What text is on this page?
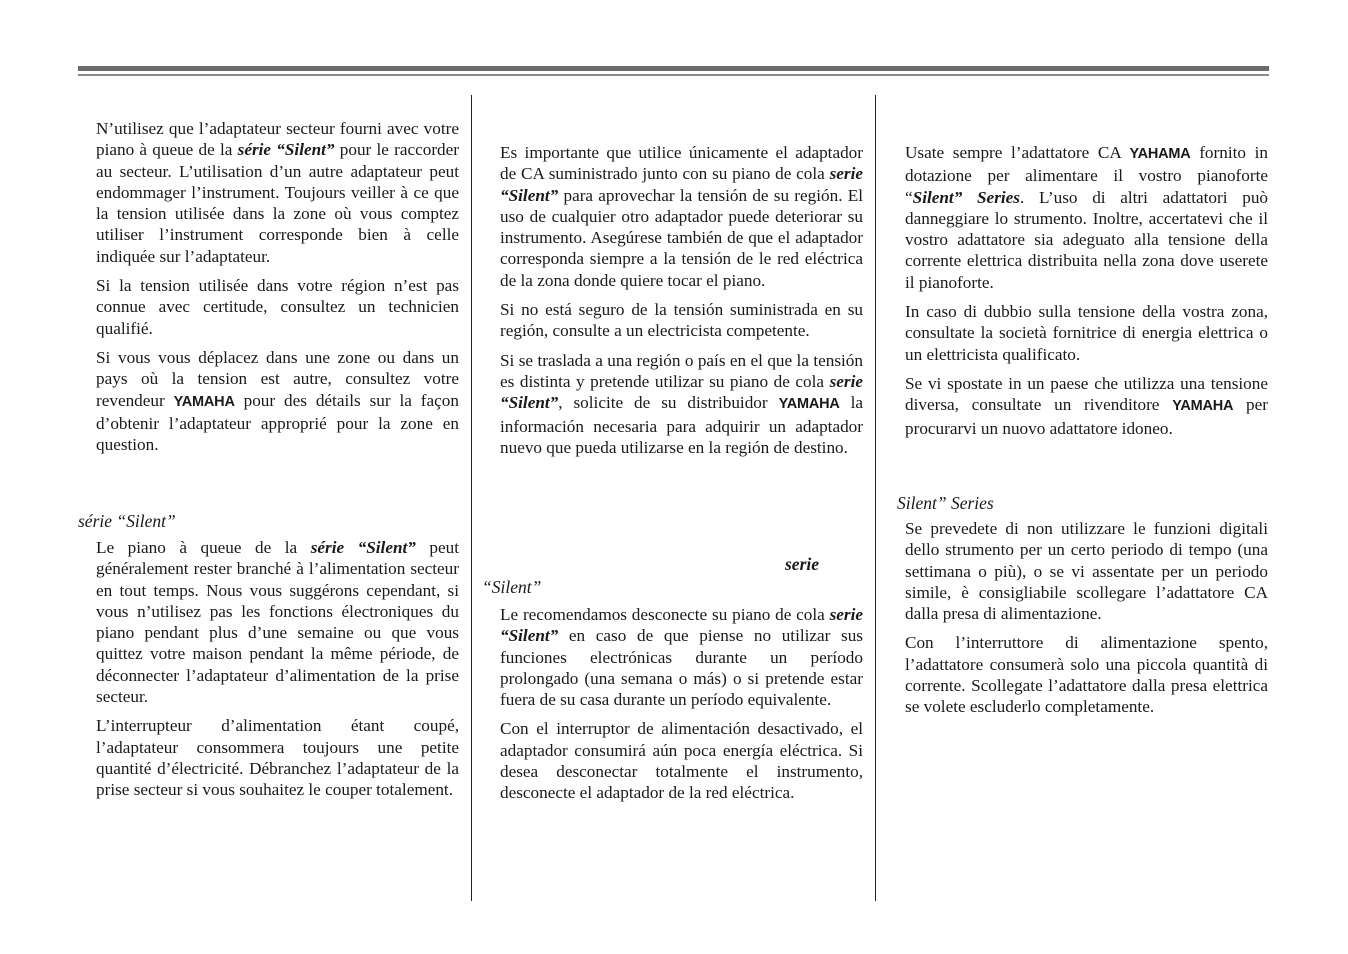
N’utilisez que l’adaptateur secteur fourni avec votre piano à queue de la série “Silent” pour le raccorder au secteur. L’utilisation d’un autre adaptateur peut endommager l’instrument. Toujours veiller à ce que la tension utilisée dans la zone où vous comptez utiliser l’instrument corresponde bien à celle indiquée sur l’adaptateur.

Si la tension utilisée dans votre région n’est pas connue avec certitude, consultez un technicien qualifié.

Si vous vous déplacez dans une zone ou dans un pays où la tension est autre, consultez votre revendeur YAMAHA pour des détails sur la façon d’obtenir l’adaptateur approprié pour la zone en question.

série “Silent”

Le piano à queue de la série “Silent” peut généralement rester branché à l’alimentation secteur en tout temps. Nous vous suggérons cependant, si vous n’utilisez pas les fonctions électroniques du piano pendant plus d’une semaine ou que vous quittez votre maison pendant la même période, de déconnecter l’adaptateur d’alimentation de la prise secteur.

L’interrupteur d’alimentation étant coupé, l’adaptateur consommera toujours une petite quantité d’électricité. Débranchez l’adaptateur de la prise secteur si vous souhaitez le couper totalement.

Es importante que utilice únicamente el adaptador de CA suministrado junto con su piano de cola serie “Silent” para aprovechar la tensión de su región. El uso de cualquier otro adaptador puede deteriorar su instrumento. Asegúrese también de que el adaptador corresponda siempre a la tensión de le red eléctrica de la zona donde quiere tocar el piano.

Si no está seguro de la tensión suministrada en su región, consulte a un electricista competente.

Si se traslada a una región o país en el que la tensión es distinta y pretende utilizar su piano de cola serie “Silent”, solicite de su distribuidor YAMAHA la información necesaria para adquirir un adaptador nuevo que pueda utilizarse en la región de destino.

serie
“Silent”

Le recomendamos desconecte su piano de cola serie “Silent” en caso de que piense no utilizar sus funciones electrónicas durante un período prolongado (una semana o más) o si pretende estar fuera de su casa durante un período equivalente.

Con el interruptor de alimentación desactivado, el adaptador consumirá aún poca energía eléctrica. Si desea desconectar totalmente el instrumento, desconecte el adaptador de la red eléctrica.

Usate sempre l’adattatore CA YAHAMA fornito in dotazione per alimentare il vostro pianoforte “Silent” Series. L’uso di altri adattatori può danneggiare lo strumento. Inoltre, accertatevi che il vostro adattatore sia adeguato alla tensione della corrente elettrica distribuita nella zona dove userete il pianoforte.

In caso di dubbio sulla tensione della vostra zona, consultate la società fornitrice di energia elettrica o un elettricista qualificato.

Se vi spostate in un paese che utilizza una tensione diversa, consultate un rivenditore YAMAHA per procurarvi un nuovo adattatore idoneo.

Silent” Series

Se prevedete di non utilizzare le funzioni digitali dello strumento per un certo periodo di tempo (una settimana o più), o se vi assentate per un periodo simile, è consigliabile scollegare l’adattatore CA dalla presa di alimentazione.

Con l’interruttore di alimentazione spento, l’adattatore consumerà solo una piccola quantità di corrente. Scollegate l’adattatore dalla presa elettrica se volete escluderlo completamente.
